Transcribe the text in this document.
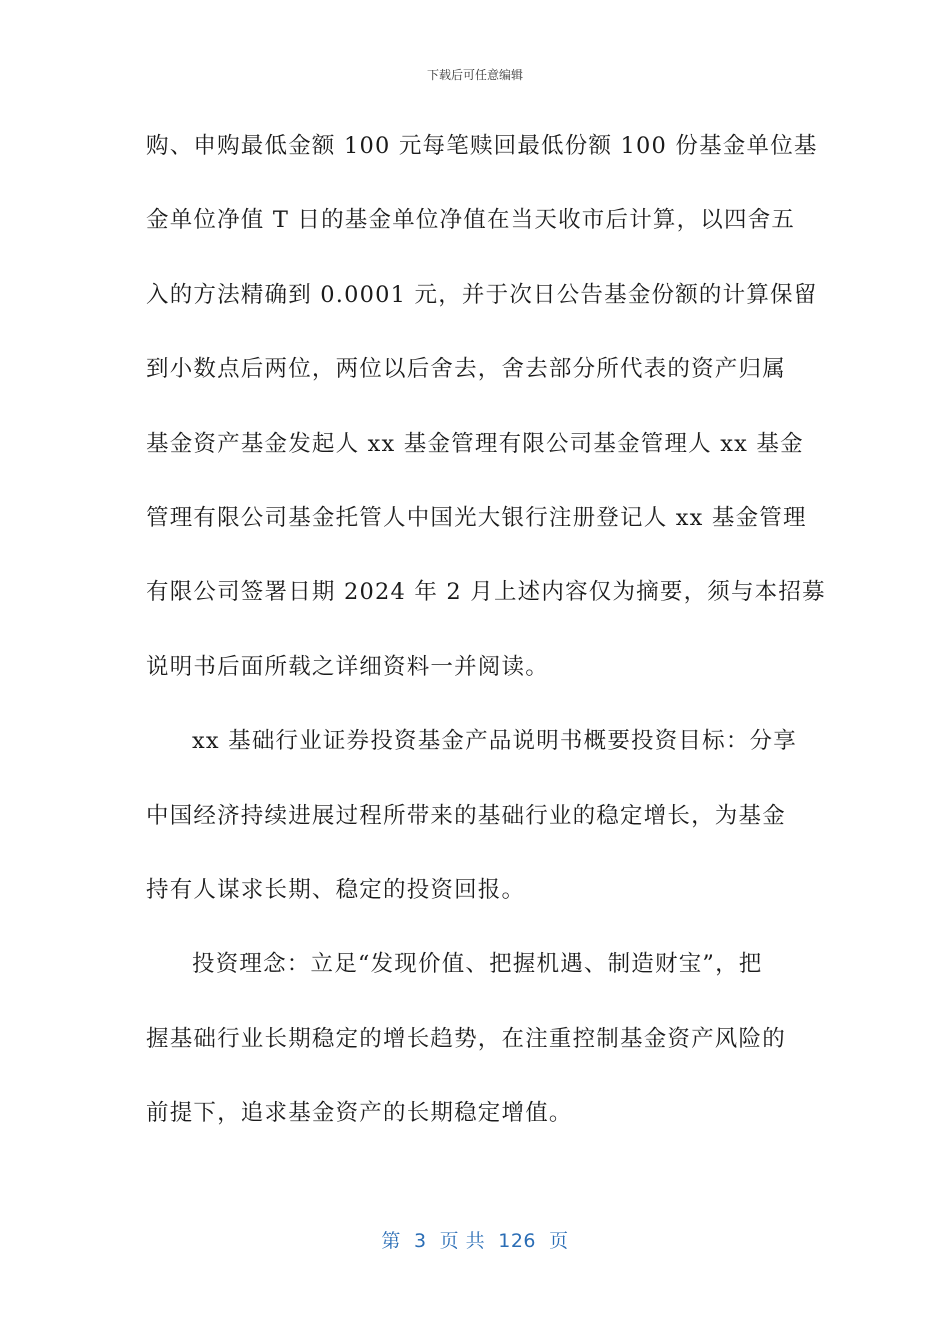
下载后可任意编辑
购、申购最低金额 100 元每笔赎回最低份额 100 份基金单位基
金单位净值 T 日的基金单位净值在当天收市后计算，以四舍五
入的方法精确到 0.0001 元，并于次日公告基金份额的计算保留
到小数点后两位，两位以后舍去，舍去部分所代表的资产归属
基金资产基金发起人 xx 基金管理有限公司基金管理人 xx 基金
管理有限公司基金托管人中国光大银行注册登记人 xx 基金管理
有限公司签署日期 2024 年 2 月上述内容仅为摘要，须与本招募
说明书后面所载之详细资料一并阅读。
xx 基础行业证券投资基金产品说明书概要投资目标：分享
中国经济持续进展过程所带来的基础行业的稳定增长，为基金
持有人谋求长期、稳定的投资回报。
投资理念：立足“发现价值、把握机遇、制造财宝”，把
握基础行业长期稳定的增长趋势，在注重控制基金资产风险的
前提下，追求基金资产的长期稳定增值。
第  3  页 共  126  页
